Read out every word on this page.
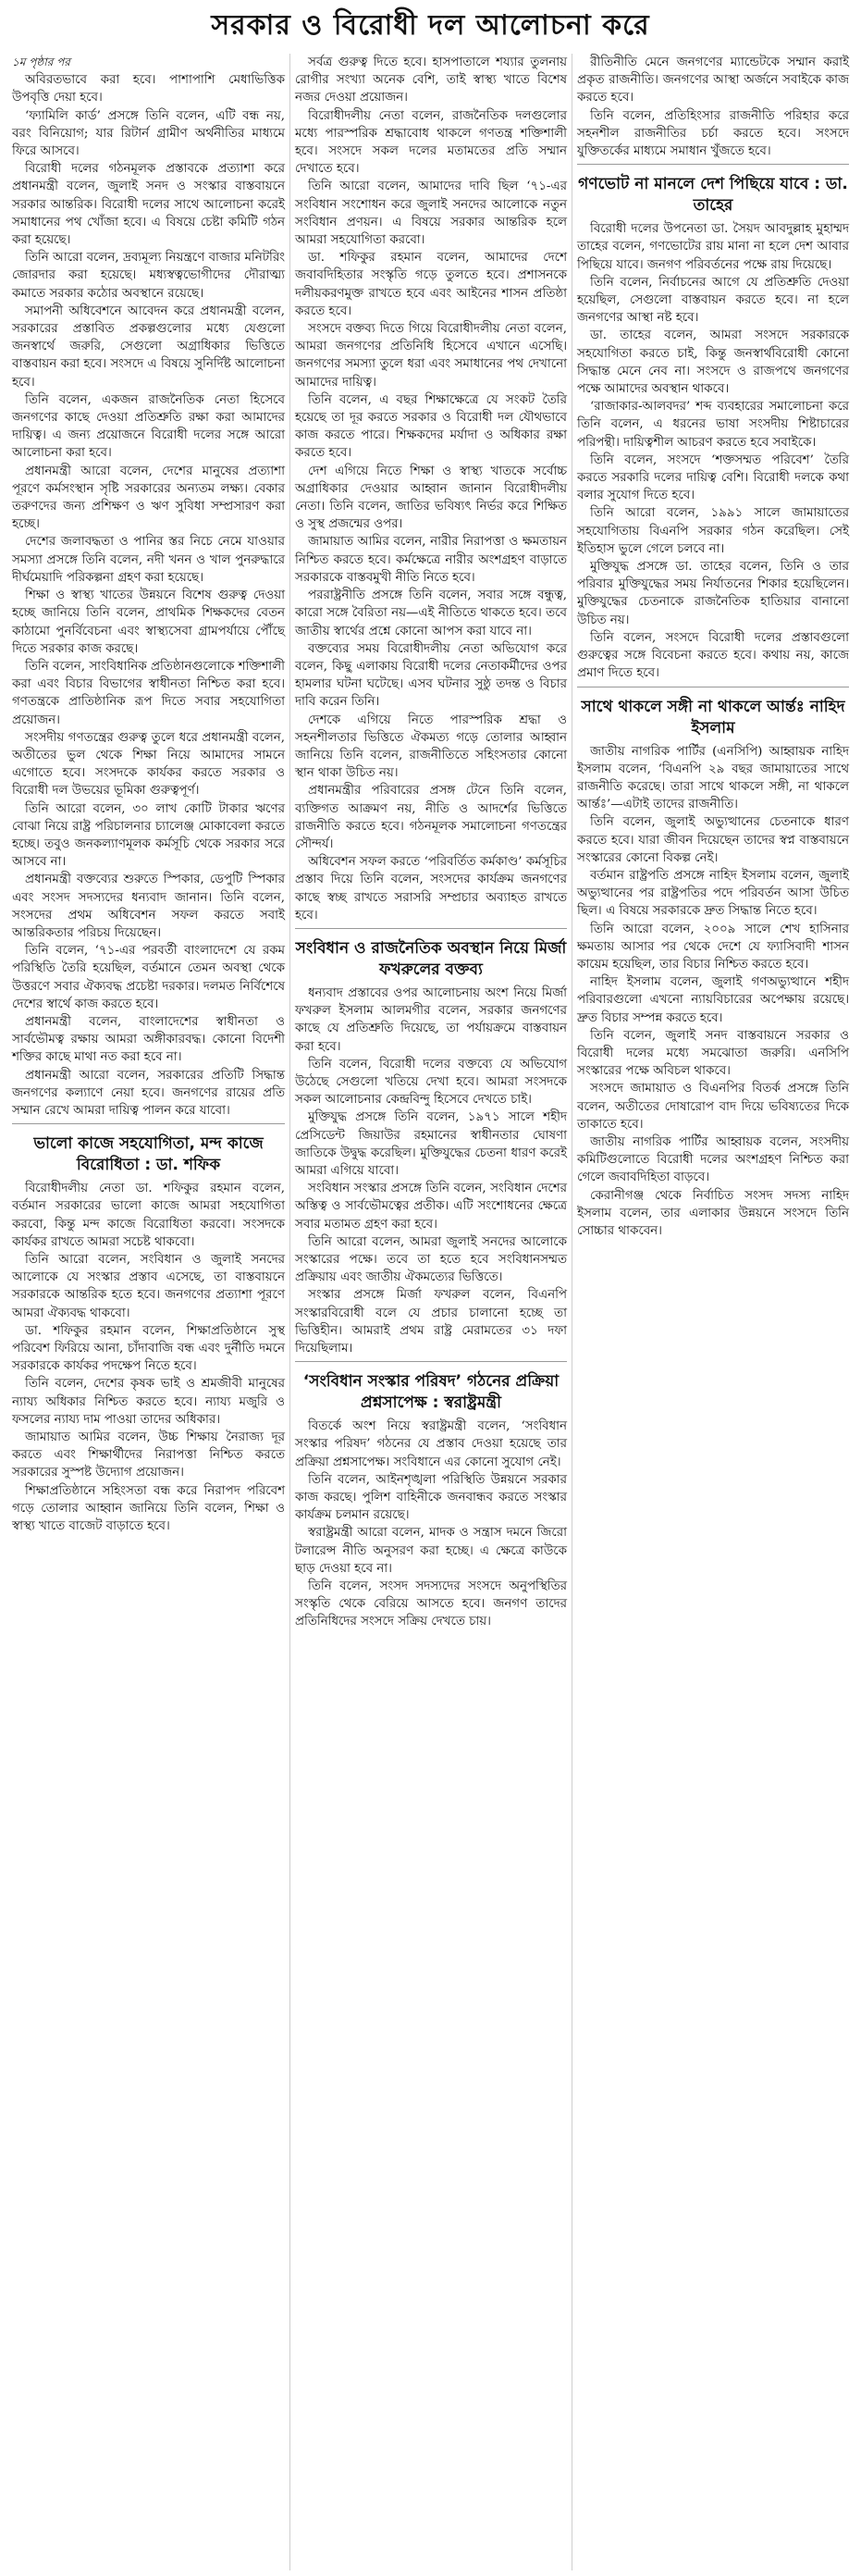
সরকার ও বিরোধী দল আলোচনা করে

১ম পৃষ্ঠার পর

অবিরতভাবে করা হবে। পাশাপাশি মেধাভিত্তিক উপবৃত্তি দেয়া হবে।

‘ফ্যামিলি কার্ড’ প্রসঙ্গে তিনি বলেন, এটি বন্ধ নয়, বরং বিনিয়োগ; যার রিটার্ন গ্রামীণ অর্থনীতির মাধ্যমে ফিরে আসবে।

বিরোধী দলের গঠনমূলক প্রস্তাবকে প্রত্যাশা করে প্রধানমন্ত্রী বলেন, জুলাই সনদ ও সংস্কার বাস্তবায়নে সরকার আন্তরিক। বিরোধী দলের সাথে আলোচনা করেই সমাধানের পথ খোঁজা হবে। এ বিষয়ে চেষ্টা কমিটি গঠন করা হয়েছে।

তিনি আরো বলেন, দ্রব্যমূল্য নিয়ন্ত্রণে বাজার মনিটরিং জোরদার করা হয়েছে। মধ্যস্বত্বভোগীদের দৌরাত্ম্য কমাতে সরকার কঠোর অবস্থানে রয়েছে।

সমাপনী অধিবেশনে আবেদন করে প্রধানমন্ত্রী বলেন, সরকারের প্রস্তাবিত প্রকল্পগুলোর মধ্যে যেগুলো জনস্বার্থে জরুরি, সেগুলো অগ্রাধিকার ভিত্তিতে বাস্তবায়ন করা হবে। সংসদে এ বিষয়ে সুনির্দিষ্ট আলোচনা হবে।

তিনি বলেন, একজন রাজনৈতিক নেতা হিসেবে জনগণের কাছে দেওয়া প্রতিশ্রুতি রক্ষা করা আমাদের দায়িত্ব। এ জন্য প্রয়োজনে বিরোধী দলের সঙ্গে আরো আলোচনা করা হবে।

প্রধানমন্ত্রী আরো বলেন, দেশের মানুষের প্রত্যাশা পূরণে কর্মসংস্থান সৃষ্টি সরকারের অন্যতম লক্ষ্য। বেকার তরুণদের জন্য প্রশিক্ষণ ও ঋণ সুবিধা সম্প্রসারণ করা হচ্ছে।

দেশের জলাবদ্ধতা ও পানির স্তর নিচে নেমে যাওয়ার সমস্যা প্রসঙ্গে তিনি বলেন, নদী খনন ও খাল পুনরুদ্ধারে দীর্ঘমেয়াদি পরিকল্পনা গ্রহণ করা হয়েছে।

শিক্ষা ও স্বাস্থ্য খাতের উন্নয়নে বিশেষ গুরুত্ব দেওয়া হচ্ছে জানিয়ে তিনি বলেন, প্রাথমিক শিক্ষকদের বেতন কাঠামো পুনর্বিবেচনা এবং স্বাস্থ্যসেবা গ্রামপর্যায়ে পৌঁছে দিতে সরকার কাজ করছে।

তিনি বলেন, সাংবিধানিক প্রতিষ্ঠানগুলোকে শক্তিশালী করা এবং বিচার বিভাগের স্বাধীনতা নিশ্চিত করা হবে। গণতন্ত্রকে প্রাতিষ্ঠানিক রূপ দিতে সবার সহযোগিতা প্রয়োজন।

সংসদীয় গণতন্ত্রের গুরুত্ব তুলে ধরে প্রধানমন্ত্রী বলেন, অতীতের ভুল থেকে শিক্ষা নিয়ে আমাদের সামনে এগোতে হবে। সংসদকে কার্যকর করতে সরকার ও বিরোধী দল উভয়ের ভূমিকা গুরুত্বপূর্ণ।

তিনি আরো বলেন, ৩০ লাখ কোটি টাকার ঋণের বোঝা নিয়ে রাষ্ট্র পরিচালনার চ্যালেঞ্জ মোকাবেলা করতে হচ্ছে। তবুও জনকল্যাণমূলক কর্মসূচি থেকে সরকার সরে আসবে না।

প্রধানমন্ত্রী বক্তব্যের শুরুতে স্পিকার, ডেপুটি স্পিকার এবং সংসদ সদস্যদের ধন্যবাদ জানান। তিনি বলেন, সংসদের প্রথম অধিবেশন সফল করতে সবাই আন্তরিকতার পরিচয় দিয়েছেন।

তিনি বলেন, ‘৭১-এর পরবর্তী বাংলাদেশে যে রকম পরিস্থিতি তৈরি হয়েছিল, বর্তমানে তেমন অবস্থা থেকে উত্তরণে সবার ঐক্যবদ্ধ প্রচেষ্টা দরকার। দলমত নির্বিশেষে দেশের স্বার্থে কাজ করতে হবে।

প্রধানমন্ত্রী বলেন, বাংলাদেশের স্বাধীনতা ও সার্বভৌমত্ব রক্ষায় আমরা অঙ্গীকারবদ্ধ। কোনো বিদেশী শক্তির কাছে মাথা নত করা হবে না।

প্রধানমন্ত্রী আরো বলেন, সরকারের প্রতিটি সিদ্ধান্ত জনগণের কল্যাণে নেয়া হবে। জনগণের রায়ের প্রতি সম্মান রেখে আমরা দায়িত্ব পালন করে যাবো।

ভালো কাজে সহযোগিতা, মন্দ কাজে বিরোধিতা : ডা. শফিক

বিরোধীদলীয় নেতা ডা. শফিকুর রহমান বলেন, বর্তমান সরকারের ভালো কাজে আমরা সহযোগিতা করবো, কিন্তু মন্দ কাজে বিরোধিতা করবো। সংসদকে কার্যকর রাখতে আমরা সচেষ্ট থাকবো।

তিনি আরো বলেন, সংবিধান ও জুলাই সনদের আলোকে যে সংস্কার প্রস্তাব এসেছে, তা বাস্তবায়নে সরকারকে আন্তরিক হতে হবে। জনগণের প্রত্যাশা পূরণে আমরা ঐক্যবদ্ধ থাকবো।

ডা. শফিকুর রহমান বলেন, শিক্ষাপ্রতিষ্ঠানে সুস্থ পরিবেশ ফিরিয়ে আনা, চাঁদাবাজি বন্ধ এবং দুর্নীতি দমনে সরকারকে কার্যকর পদক্ষেপ নিতে হবে।

তিনি বলেন, দেশের কৃষক ভাই ও শ্রমজীবী মানুষের ন্যায্য অধিকার নিশ্চিত করতে হবে। ন্যায্য মজুরি ও ফসলের ন্যায্য দাম পাওয়া তাদের অধিকার।

জামায়াত আমির বলেন, উচ্চ শিক্ষায় নৈরাজ্য দূর করতে এবং শিক্ষার্থীদের নিরাপত্তা নিশ্চিত করতে সরকারের সুস্পষ্ট উদ্যোগ প্রয়োজন।

শিক্ষাপ্রতিষ্ঠানে সহিংসতা বন্ধ করে নিরাপদ পরিবেশ গড়ে তোলার আহ্বান জানিয়ে তিনি বলেন, শিক্ষা ও স্বাস্থ্য খাতে বাজেট বাড়াতে হবে।

সর্বত্র গুরুত্ব দিতে হবে। হাসপাতালে শয্যার তুলনায় রোগীর সংখ্যা অনেক বেশি, তাই স্বাস্থ্য খাতে বিশেষ নজর দেওয়া প্রয়োজন।

বিরোধীদলীয় নেতা বলেন, রাজনৈতিক দলগুলোর মধ্যে পারস্পরিক শ্রদ্ধাবোধ থাকলে গণতন্ত্র শক্তিশালী হবে। সংসদে সকল দলের মতামতের প্রতি সম্মান দেখাতে হবে।

তিনি আরো বলেন, আমাদের দাবি ছিল ‘৭১-এর সংবিধান সংশোধন করে জুলাই সনদের আলোকে নতুন সংবিধান প্রণয়ন। এ বিষয়ে সরকার আন্তরিক হলে আমরা সহযোগিতা করবো।

ডা. শফিকুর রহমান বলেন, আমাদের দেশে জবাবদিহিতার সংস্কৃতি গড়ে তুলতে হবে। প্রশাসনকে দলীয়করণমুক্ত রাখতে হবে এবং আইনের শাসন প্রতিষ্ঠা করতে হবে।

সংসদে বক্তব্য দিতে গিয়ে বিরোধীদলীয় নেতা বলেন, আমরা জনগণের প্রতিনিধি হিসেবে এখানে এসেছি। জনগণের সমস্যা তুলে ধরা এবং সমাধানের পথ দেখানো আমাদের দায়িত্ব।

তিনি বলেন, এ বছর শিক্ষাক্ষেত্রে যে সংকট তৈরি হয়েছে তা দূর করতে সরকার ও বিরোধী দল যৌথভাবে কাজ করতে পারে। শিক্ষকদের মর্যাদা ও অধিকার রক্ষা করতে হবে।

দেশ এগিয়ে নিতে শিক্ষা ও স্বাস্থ্য খাতকে সর্বোচ্চ অগ্রাধিকার দেওয়ার আহ্বান জানান বিরোধীদলীয় নেতা। তিনি বলেন, জাতির ভবিষ্যৎ নির্ভর করে শিক্ষিত ও সুস্থ প্রজন্মের ওপর।

জামায়াত আমির বলেন, নারীর নিরাপত্তা ও ক্ষমতায়ন নিশ্চিত করতে হবে। কর্মক্ষেত্রে নারীর অংশগ্রহণ বাড়াতে সরকারকে বাস্তবমুখী নীতি নিতে হবে।

পররাষ্ট্রনীতি প্রসঙ্গে তিনি বলেন, সবার সঙ্গে বন্ধুত্ব, কারো সঙ্গে বৈরিতা নয়—এই নীতিতে থাকতে হবে। তবে জাতীয় স্বার্থের প্রশ্নে কোনো আপস করা যাবে না।

বক্তব্যের সময় বিরোধীদলীয় নেতা অভিযোগ করে বলেন, কিছু এলাকায় বিরোধী দলের নেতাকর্মীদের ওপর হামলার ঘটনা ঘটেছে। এসব ঘটনার সুষ্ঠু তদন্ত ও বিচার দাবি করেন তিনি।

দেশকে এগিয়ে নিতে পারস্পরিক শ্রদ্ধা ও সহনশীলতার ভিত্তিতে ঐকমত্য গড়ে তোলার আহ্বান জানিয়ে তিনি বলেন, রাজনীতিতে সহিংসতার কোনো স্থান থাকা উচিত নয়।

প্রধানমন্ত্রীর পরিবারের প্রসঙ্গ টেনে তিনি বলেন, ব্যক্তিগত আক্রমণ নয়, নীতি ও আদর্শের ভিত্তিতে রাজনীতি করতে হবে। গঠনমূলক সমালোচনা গণতন্ত্রের সৌন্দর্য।

অধিবেশন সফল করতে ‘পরিবর্তিত কর্মকাণ্ড’ কর্মসূচির প্রস্তাব দিয়ে তিনি বলেন, সংসদের কার্যক্রম জনগণের কাছে স্বচ্ছ রাখতে সরাসরি সম্প্রচার অব্যাহত রাখতে হবে।

সংবিধান ও রাজনৈতিক অবস্থান নিয়ে মির্জা ফখরুলের বক্তব্য

ধন্যবাদ প্রস্তাবের ওপর আলোচনায় অংশ নিয়ে মির্জা ফখরুল ইসলাম আলমগীর বলেন, সরকার জনগণের কাছে যে প্রতিশ্রুতি দিয়েছে, তা পর্যায়ক্রমে বাস্তবায়ন করা হবে।

তিনি বলেন, বিরোধী দলের বক্তব্যে যে অভিযোগ উঠেছে সেগুলো খতিয়ে দেখা হবে। আমরা সংসদকে সকল আলোচনার কেন্দ্রবিন্দু হিসেবে দেখতে চাই।

মুক্তিযুদ্ধ প্রসঙ্গে তিনি বলেন, ১৯৭১ সালে শহীদ প্রেসিডেন্ট জিয়াউর রহমানের স্বাধীনতার ঘোষণা জাতিকে উদ্বুদ্ধ করেছিল। মুক্তিযুদ্ধের চেতনা ধারণ করেই আমরা এগিয়ে যাবো।

সংবিধান সংস্কার প্রসঙ্গে তিনি বলেন, সংবিধান দেশের অস্তিত্ব ও সার্বভৌমত্বের প্রতীক। এটি সংশোধনের ক্ষেত্রে সবার মতামত গ্রহণ করা হবে।

তিনি আরো বলেন, আমরা জুলাই সনদের আলোকে সংস্কারের পক্ষে। তবে তা হতে হবে সংবিধানসম্মত প্রক্রিয়ায় এবং জাতীয় ঐকমত্যের ভিত্তিতে।

সংস্কার প্রসঙ্গে মির্জা ফখরুল বলেন, বিএনপি সংস্কারবিরোধী বলে যে প্রচার চালানো হচ্ছে তা ভিত্তিহীন। আমরাই প্রথম রাষ্ট্র মেরামতের ৩১ দফা দিয়েছিলাম।

‘সংবিধান সংস্কার পরিষদ’ গঠনের প্রক্রিয়া প্রশ্নসাপেক্ষ : স্বরাষ্ট্রমন্ত্রী

বিতর্কে অংশ নিয়ে স্বরাষ্ট্রমন্ত্রী বলেন, ‘সংবিধান সংস্কার পরিষদ’ গঠনের যে প্রস্তাব দেওয়া হয়েছে তার প্রক্রিয়া প্রশ্নসাপেক্ষ। সংবিধানে এর কোনো সুযোগ নেই।

তিনি বলেন, আইনশৃঙ্খলা পরিস্থিতি উন্নয়নে সরকার কাজ করছে। পুলিশ বাহিনীকে জনবান্ধব করতে সংস্কার কার্যক্রম চলমান রয়েছে।

স্বরাষ্ট্রমন্ত্রী আরো বলেন, মাদক ও সন্ত্রাস দমনে জিরো টলারেন্স নীতি অনুসরণ করা হচ্ছে। এ ক্ষেত্রে কাউকে ছাড় দেওয়া হবে না।

তিনি বলেন, সংসদ সদস্যদের সংসদে অনুপস্থিতির সংস্কৃতি থেকে বেরিয়ে আসতে হবে। জনগণ তাদের প্রতিনিধিদের সংসদে সক্রিয় দেখতে চায়।

রীতিনীতি মেনে জনগণের ম্যান্ডেটকে সম্মান করাই প্রকৃত রাজনীতি। জনগণের আস্থা অর্জনে সবাইকে কাজ করতে হবে।

তিনি বলেন, প্রতিহিংসার রাজনীতি পরিহার করে সহনশীল রাজনীতির চর্চা করতে হবে। সংসদে যুক্তিতর্কের মাধ্যমে সমাধান খুঁজতে হবে।

গণভোট না মানলে দেশ পিছিয়ে যাবে : ডা. তাহের

বিরোধী দলের উপনেতা ডা. সৈয়দ আবদুল্লাহ মুহাম্মদ তাহের বলেন, গণভোটের রায় মানা না হলে দেশ আবার পিছিয়ে যাবে। জনগণ পরিবর্তনের পক্ষে রায় দিয়েছে।

তিনি বলেন, নির্বাচনের আগে যে প্রতিশ্রুতি দেওয়া হয়েছিল, সেগুলো বাস্তবায়ন করতে হবে। না হলে জনগণের আস্থা নষ্ট হবে।

ডা. তাহের বলেন, আমরা সংসদে সরকারকে সহযোগিতা করতে চাই, কিন্তু জনস্বার্থবিরোধী কোনো সিদ্ধান্ত মেনে নেব না। সংসদে ও রাজপথে জনগণের পক্ষে আমাদের অবস্থান থাকবে।

‘রাজাকার-আলবদর’ শব্দ ব্যবহারের সমালোচনা করে তিনি বলেন, এ ধরনের ভাষা সংসদীয় শিষ্টাচারের পরিপন্থী। দায়িত্বশীল আচরণ করতে হবে সবাইকে।

তিনি বলেন, সংসদে ‘শক্তসম্মত পরিবেশ’ তৈরি করতে সরকারি দলের দায়িত্ব বেশি। বিরোধী দলকে কথা বলার সুযোগ দিতে হবে।

তিনি আরো বলেন, ১৯৯১ সালে জামায়াতের সহযোগিতায় বিএনপি সরকার গঠন করেছিল। সেই ইতিহাস ভুলে গেলে চলবে না।

মুক্তিযুদ্ধ প্রসঙ্গে ডা. তাহের বলেন, তিনি ও তার পরিবার মুক্তিযুদ্ধের সময় নির্যাতনের শিকার হয়েছিলেন। মুক্তিযুদ্ধের চেতনাকে রাজনৈতিক হাতিয়ার বানানো উচিত নয়।

তিনি বলেন, সংসদে বিরোধী দলের প্রস্তাবগুলো গুরুত্বের সঙ্গে বিবেচনা করতে হবে। কথায় নয়, কাজে প্রমাণ দিতে হবে।

সাথে থাকলে সঙ্গী না থাকলে আর্ন্তঃ নাহিদ ইসলাম

জাতীয় নাগরিক পার্টির (এনসিপি) আহ্বায়ক নাহিদ ইসলাম বলেন, ‘বিএনপি ২৯ বছর জামায়াতের সাথে রাজনীতি করেছে। তারা সাথে থাকলে সঙ্গী, না থাকলে আর্ন্তঃ’—এটাই তাদের রাজনীতি।

তিনি বলেন, জুলাই অভ্যুত্থানের চেতনাকে ধারণ করতে হবে। যারা জীবন দিয়েছেন তাদের স্বপ্ন বাস্তবায়নে সংস্কারের কোনো বিকল্প নেই।

বর্তমান রাষ্ট্রপতি প্রসঙ্গে নাহিদ ইসলাম বলেন, জুলাই অভ্যুত্থানের পর রাষ্ট্রপতির পদে পরিবর্তন আসা উচিত ছিল। এ বিষয়ে সরকারকে দ্রুত সিদ্ধান্ত নিতে হবে।

তিনি আরো বলেন, ২০০৯ সালে শেখ হাসিনার ক্ষমতায় আসার পর থেকে দেশে যে ফ্যাসিবাদী শাসন কায়েম হয়েছিল, তার বিচার নিশ্চিত করতে হবে।

নাহিদ ইসলাম বলেন, জুলাই গণঅভ্যুত্থানে শহীদ পরিবারগুলো এখনো ন্যায়বিচারের অপেক্ষায় রয়েছে। দ্রুত বিচার সম্পন্ন করতে হবে।

তিনি বলেন, জুলাই সনদ বাস্তবায়নে সরকার ও বিরোধী দলের মধ্যে সমঝোতা জরুরি। এনসিপি সংস্কারের পক্ষে অবিচল থাকবে।

সংসদে জামায়াত ও বিএনপির বিতর্ক প্রসঙ্গে তিনি বলেন, অতীতের দোষারোপ বাদ দিয়ে ভবিষ্যতের দিকে তাকাতে হবে।

জাতীয় নাগরিক পার্টির আহ্বায়ক বলেন, সংসদীয় কমিটিগুলোতে বিরোধী দলের অংশগ্রহণ নিশ্চিত করা গেলে জবাবদিহিতা বাড়বে।

কেরানীগঞ্জ থেকে নির্বাচিত সংসদ সদস্য নাহিদ ইসলাম বলেন, তার এলাকার উন্নয়নে সংসদে তিনি সোচ্চার থাকবেন।
